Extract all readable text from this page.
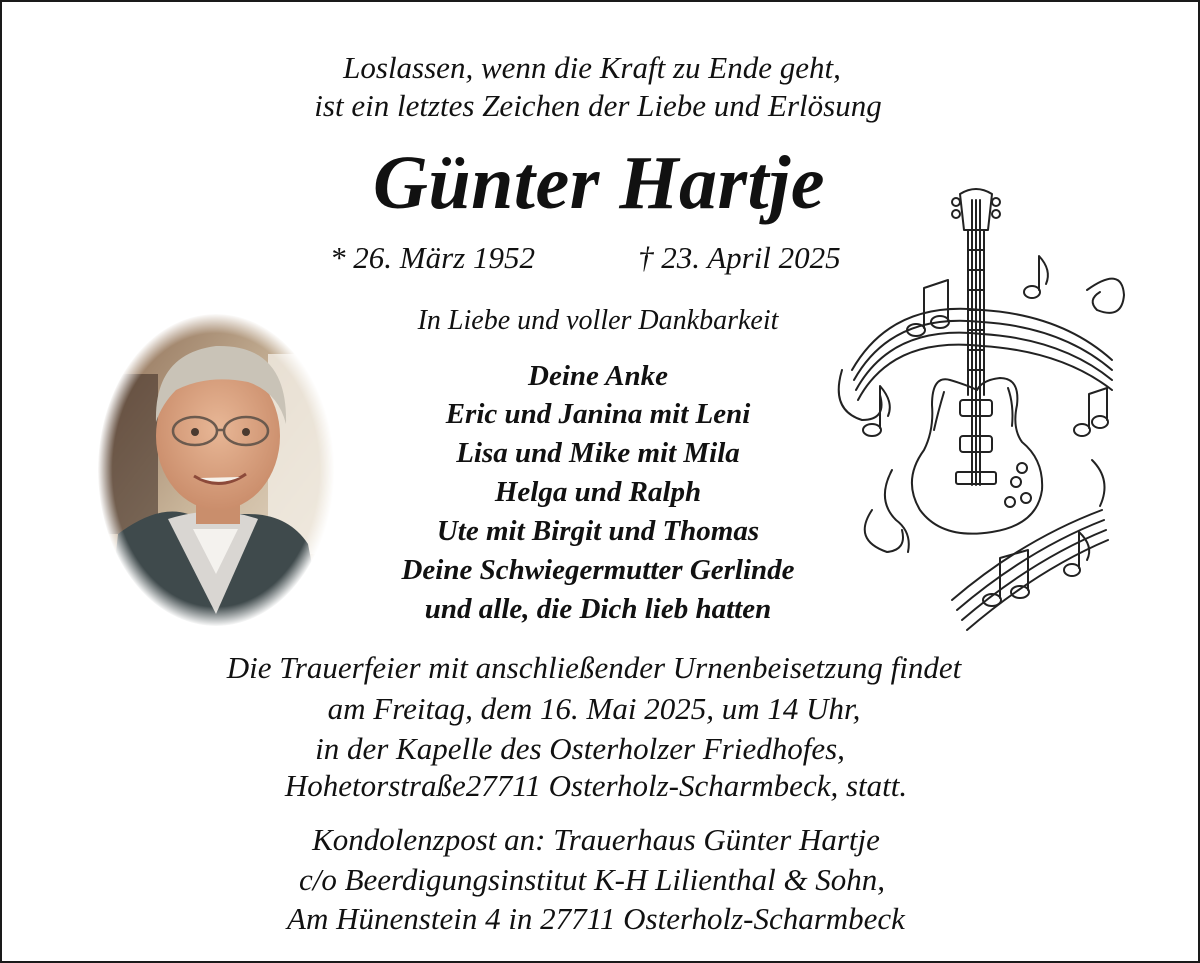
Loslassen, wenn die Kraft zu Ende geht,
ist ein letztes Zeichen der Liebe und Erlösung
Günter Hartje
* 26. März 1952	† 23. April 2025
In Liebe und voller Dankbarkeit
Deine Anke
Eric und Janina mit Leni
Lisa und Mike mit Mila
Helga und Ralph
Ute mit Birgit und Thomas
Deine Schwiegermutter Gerlinde
und alle, die Dich lieb hatten
Die Trauerfeier mit anschließender Urnenbeisetzung findet
am Freitag, dem 16. Mai 2025, um 14 Uhr,
in der Kapelle des Osterholzer Friedhofes,
Hohetorstraße27711 Osterholz-Scharmbeck, statt.
Kondolenzpost an: Trauerhaus Günter Hartje
c/o Beerdigungsinstitut K-H Lilienthal & Sohn,
Am Hünenstein 4 in 27711 Osterholz-Scharmbeck
